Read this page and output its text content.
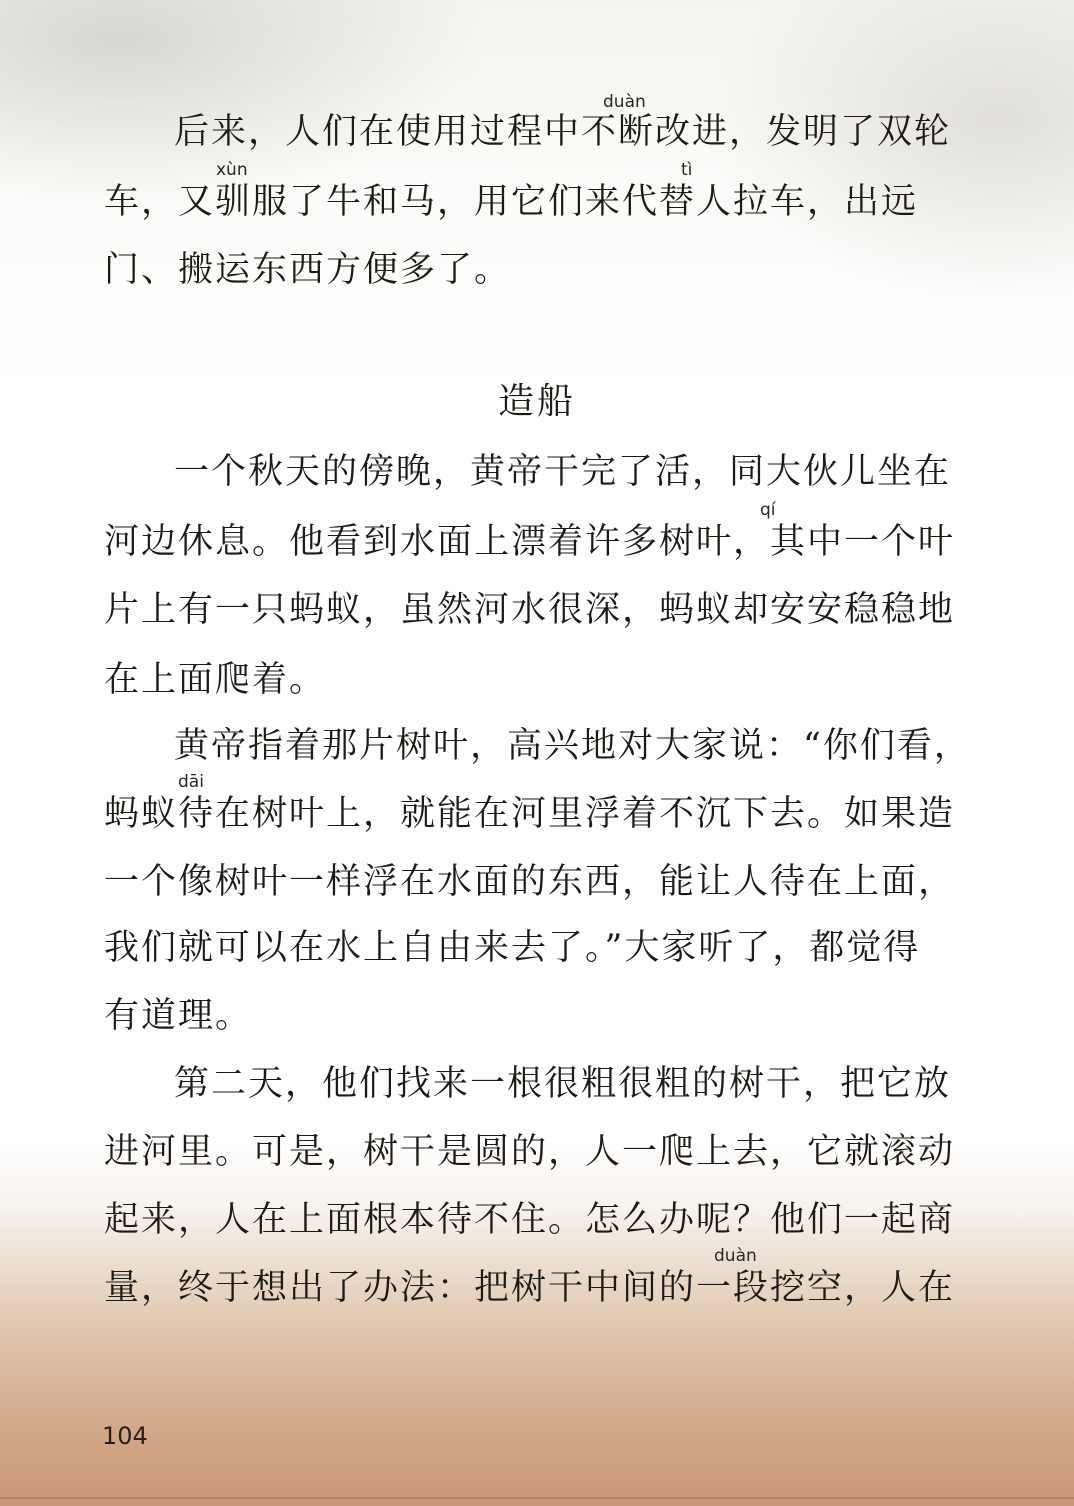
后来，人们在使用过程中不断改进，发明了双轮
车，又驯服了牛和马，用它们来代替人拉车，出远
门、搬运东西方便多了。
造船
一个秋天的傍晚，黄帝干完了活，同大伙儿坐在
河边休息。他看到水面上漂着许多树叶，其中一个叶
片上有一只蚂蚁，虽然河水很深，蚂蚁却安安稳稳地
在上面爬着。
黄帝指着那片树叶，高兴地对大家说：“你们看，
蚂蚁待在树叶上，就能在河里浮着不沉下去。如果造
一个像树叶一样浮在水面的东西，能让人待在上面，
我们就可以在水上自由来去了。”大家听了，都觉得
有道理。
第二天，他们找来一根很粗很粗的树干，把它放
进河里。可是，树干是圆的，人一爬上去，它就滚动
起来，人在上面根本待不住。怎么办呢？他们一起商
量，终于想出了办法：把树干中间的一段挖空，人在
duàn
xùn	tì
qí
dāi
duàn
104
